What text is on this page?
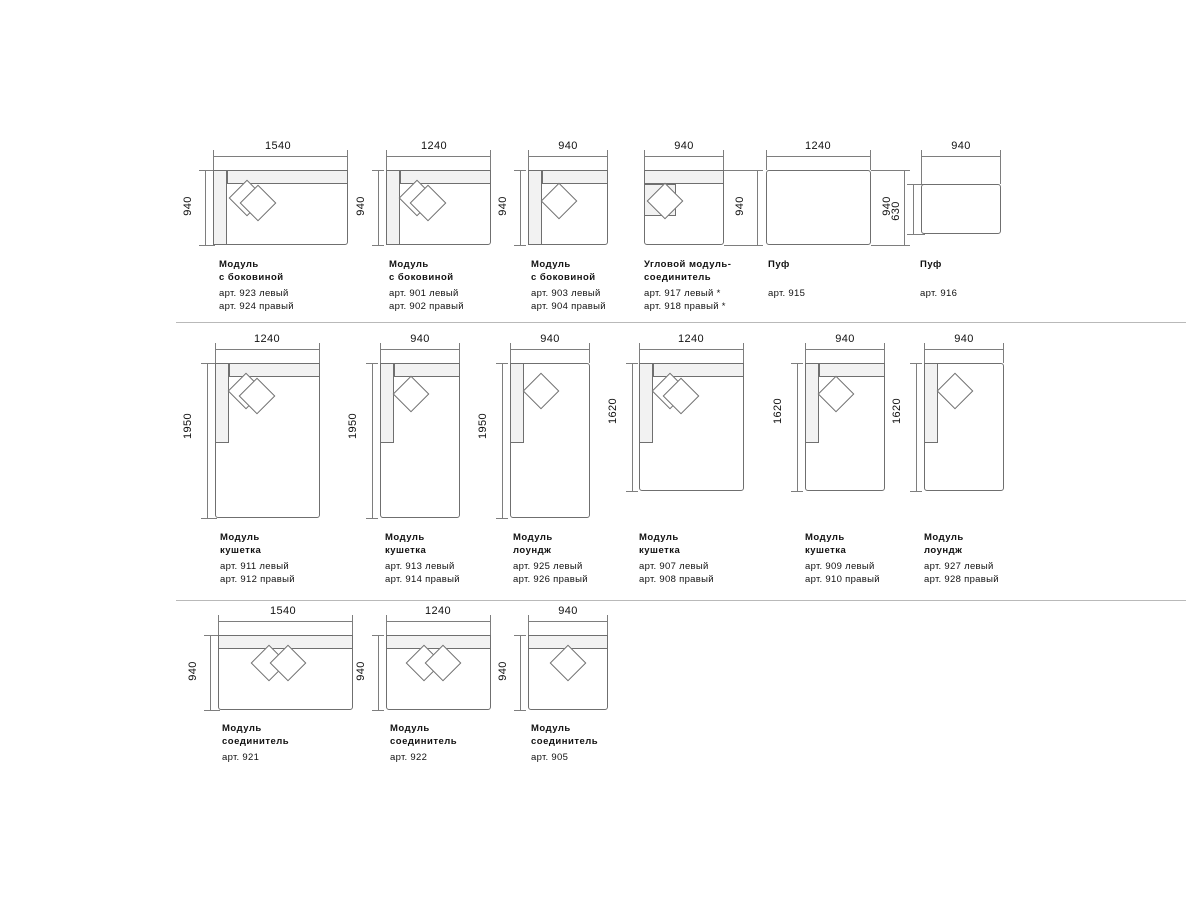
1540
940
Модуль
с боковиной
арт. 923 левый
арт. 924 правый
1240
940
Модуль
с боковиной
арт. 901 левый
арт. 902 правый
940
940
Модуль
с боковиной
арт. 903 левый
арт. 904 правый
940
940
Угловой модуль-
соединитель
арт. 917 левый *
арт. 918 правый *
1240
940
Пуф
арт. 915
940
630
Пуф
арт. 916
1240
1950
Модуль
кушетка
арт. 911 левый
арт. 912 правый
940
1950
Модуль
кушетка
арт. 913 левый
арт. 914 правый
940
1950
Модуль
лоундж
арт. 925 левый
арт. 926 правый
1240
1620
Модуль
кушетка
арт. 907 левый
арт. 908 правый
940
1620
Модуль
кушетка
арт. 909 левый
арт. 910 правый
940
1620
Модуль
лоундж
арт. 927 левый
арт. 928 правый
1540
940
Модуль
соединитель
арт. 921
1240
940
Модуль
соединитель
арт. 922
940
940
Модуль
соединитель
арт. 905
